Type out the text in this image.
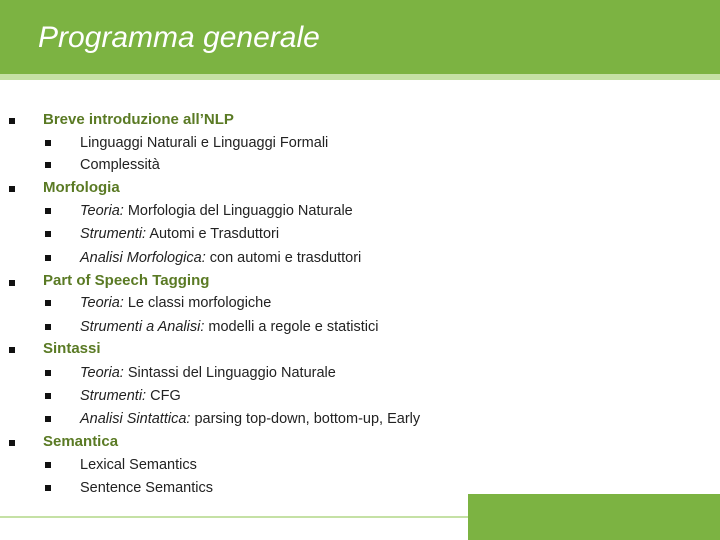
Programma generale
Breve introduzione all’NLP
Linguaggi Naturali e Linguaggi Formali
Complessità
Morfologia
Teoria: Morfologia del Linguaggio Naturale
Strumenti: Automi e Trasduttori
Analisi Morfologica: con automi e trasduttori
Part of Speech Tagging
Teoria: Le classi morfologiche
Strumenti a Analisi: modelli a regole e statistici
Sintassi
Teoria: Sintassi del Linguaggio Naturale
Strumenti: CFG
Analisi Sintattica: parsing top-down, bottom-up, Early
Semantica
Lexical Semantics
Sentence Semantics
